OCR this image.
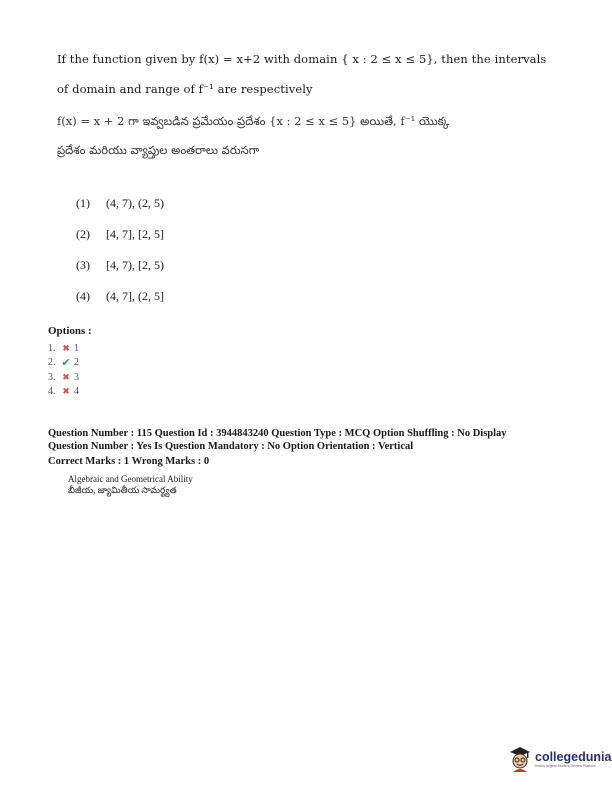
If the function given by f(x) = x+2 with domain { x : 2 ≤ x ≤ 5}, then the intervals
of domain and range of f⁻¹ are respectively
f(x) = x + 2 గా ఇవ్వబడిన ప్రమేయం ప్రదేశం {x : 2 ≤ x ≤ 5} అయితే, f⁻¹ యొక్క
ప్రదేశం మరియు వ్యాప్తుల అంతరాలు వరుసగా
(1) (4, 7), (2, 5)
(2) [4, 7], [2, 5]
(3) [4, 7), [2, 5)
(4) (4, 7], (2, 5]
Options :
1. ✖ 1
2. ✔ 2
3. ✖ 3
4. ✖ 4
Question Number : 115 Question Id : 3944843240 Question Type : MCQ Option Shuffling : No Display
Question Number : Yes Is Question Mandatory : No Option Orientation : Vertical
Correct Marks : 1 Wrong Marks : 0
Algebraic and Geometrical Ability
బీజీయ, జ్యామితీయ సామర్థ్యత
collegedunia
India's largest Student Review Platform
